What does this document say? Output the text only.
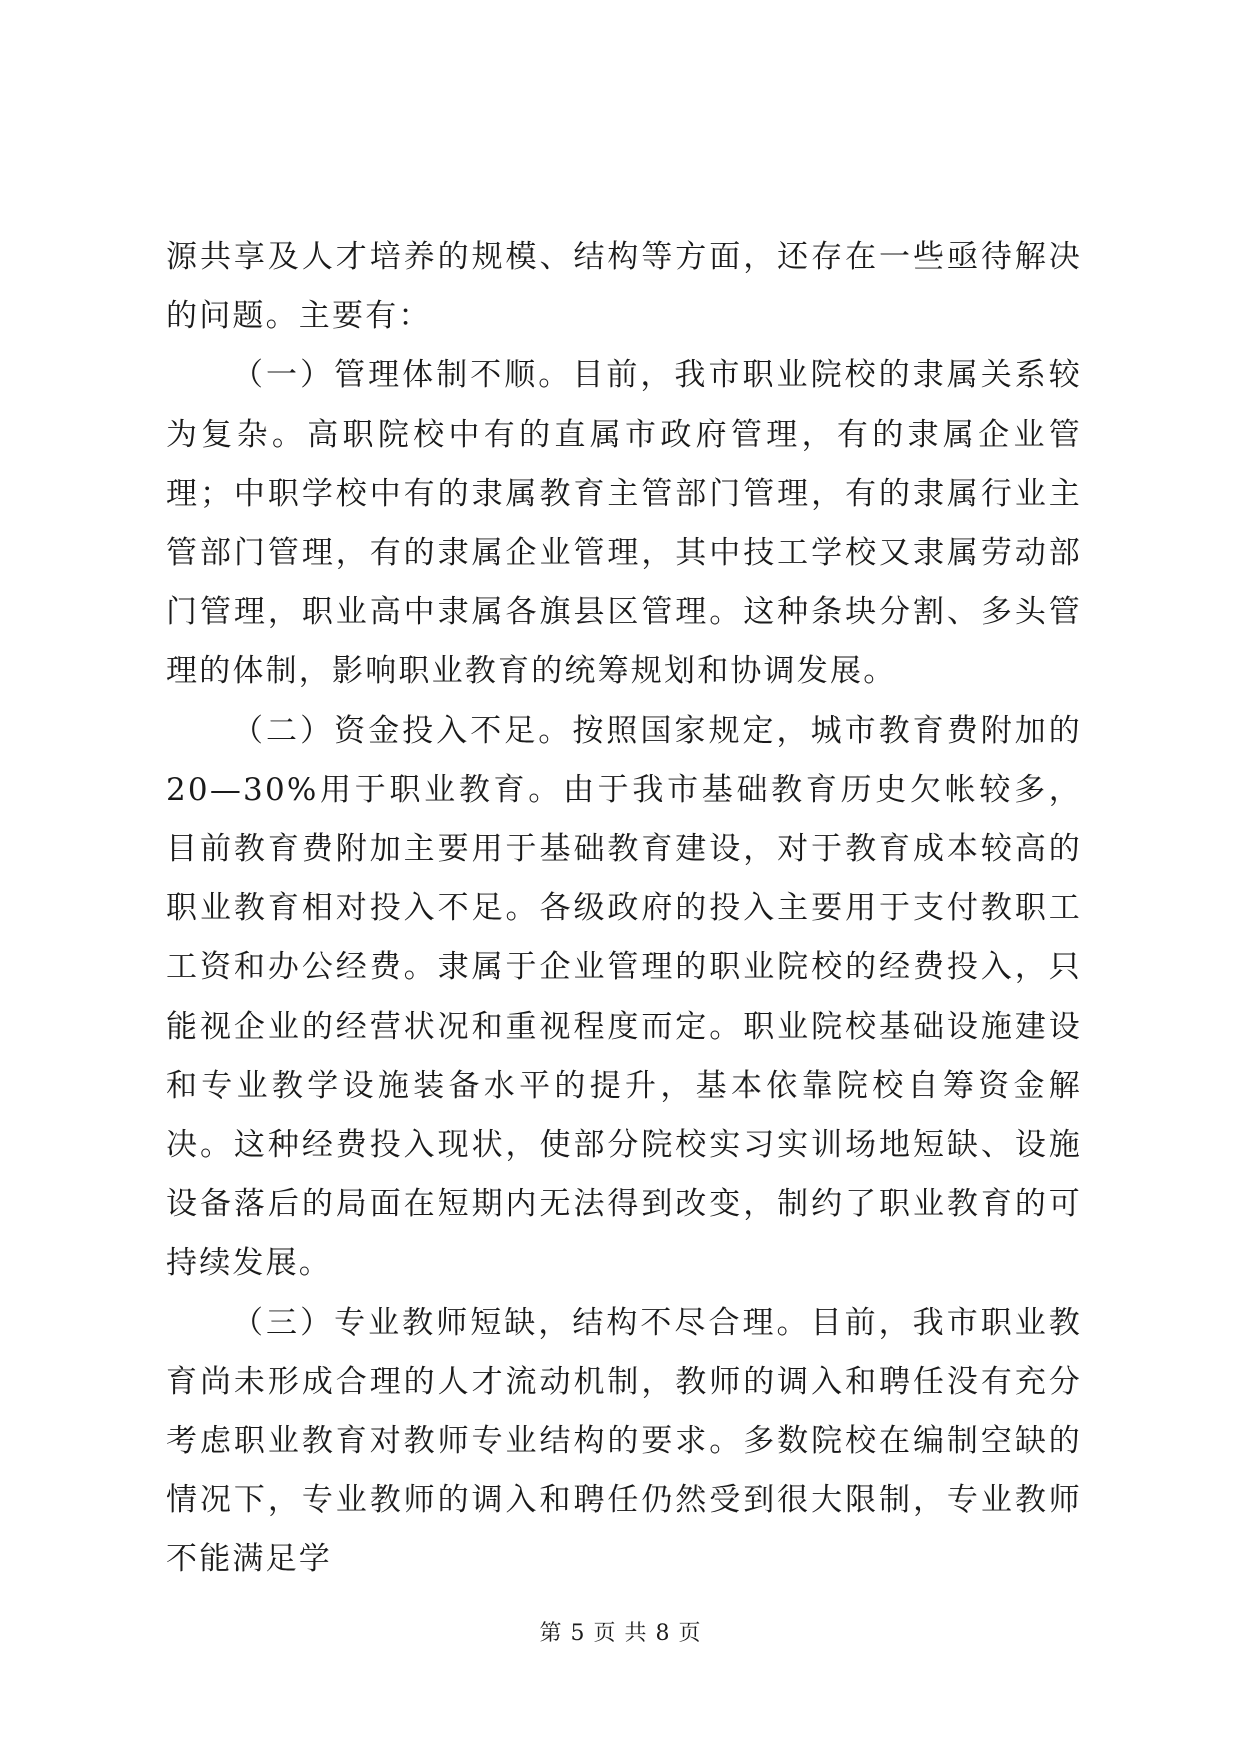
源共享及人才培养的规模、结构等方面，还存在一些亟待解决的问题。主要有：

（一）管理体制不顺。目前，我市职业院校的隶属关系较为复杂。高职院校中有的直属市政府管理，有的隶属企业管理；中职学校中有的隶属教育主管部门管理，有的隶属行业主管部门管理，有的隶属企业管理，其中技工学校又隶属劳动部门管理，职业高中隶属各旗县区管理。这种条块分割、多头管理的体制，影响职业教育的统筹规划和协调发展。

（二）资金投入不足。按照国家规定，城市教育费附加的20—30%用于职业教育。由于我市基础教育历史欠帐较多，目前教育费附加主要用于基础教育建设，对于教育成本较高的职业教育相对投入不足。各级政府的投入主要用于支付教职工工资和办公经费。隶属于企业管理的职业院校的经费投入，只能视企业的经营状况和重视程度而定。职业院校基础设施建设和专业教学设施装备水平的提升，基本依靠院校自筹资金解决。这种经费投入现状，使部分院校实习实训场地短缺、设施设备落后的局面在短期内无法得到改变，制约了职业教育的可持续发展。

（三）专业教师短缺，结构不尽合理。目前，我市职业教育尚未形成合理的人才流动机制，教师的调入和聘任没有充分考虑职业教育对教师专业结构的要求。多数院校在编制空缺的情况下，专业教师的调入和聘任仍然受到很大限制，专业教师不能满足学

第 5 页 共 8 页
